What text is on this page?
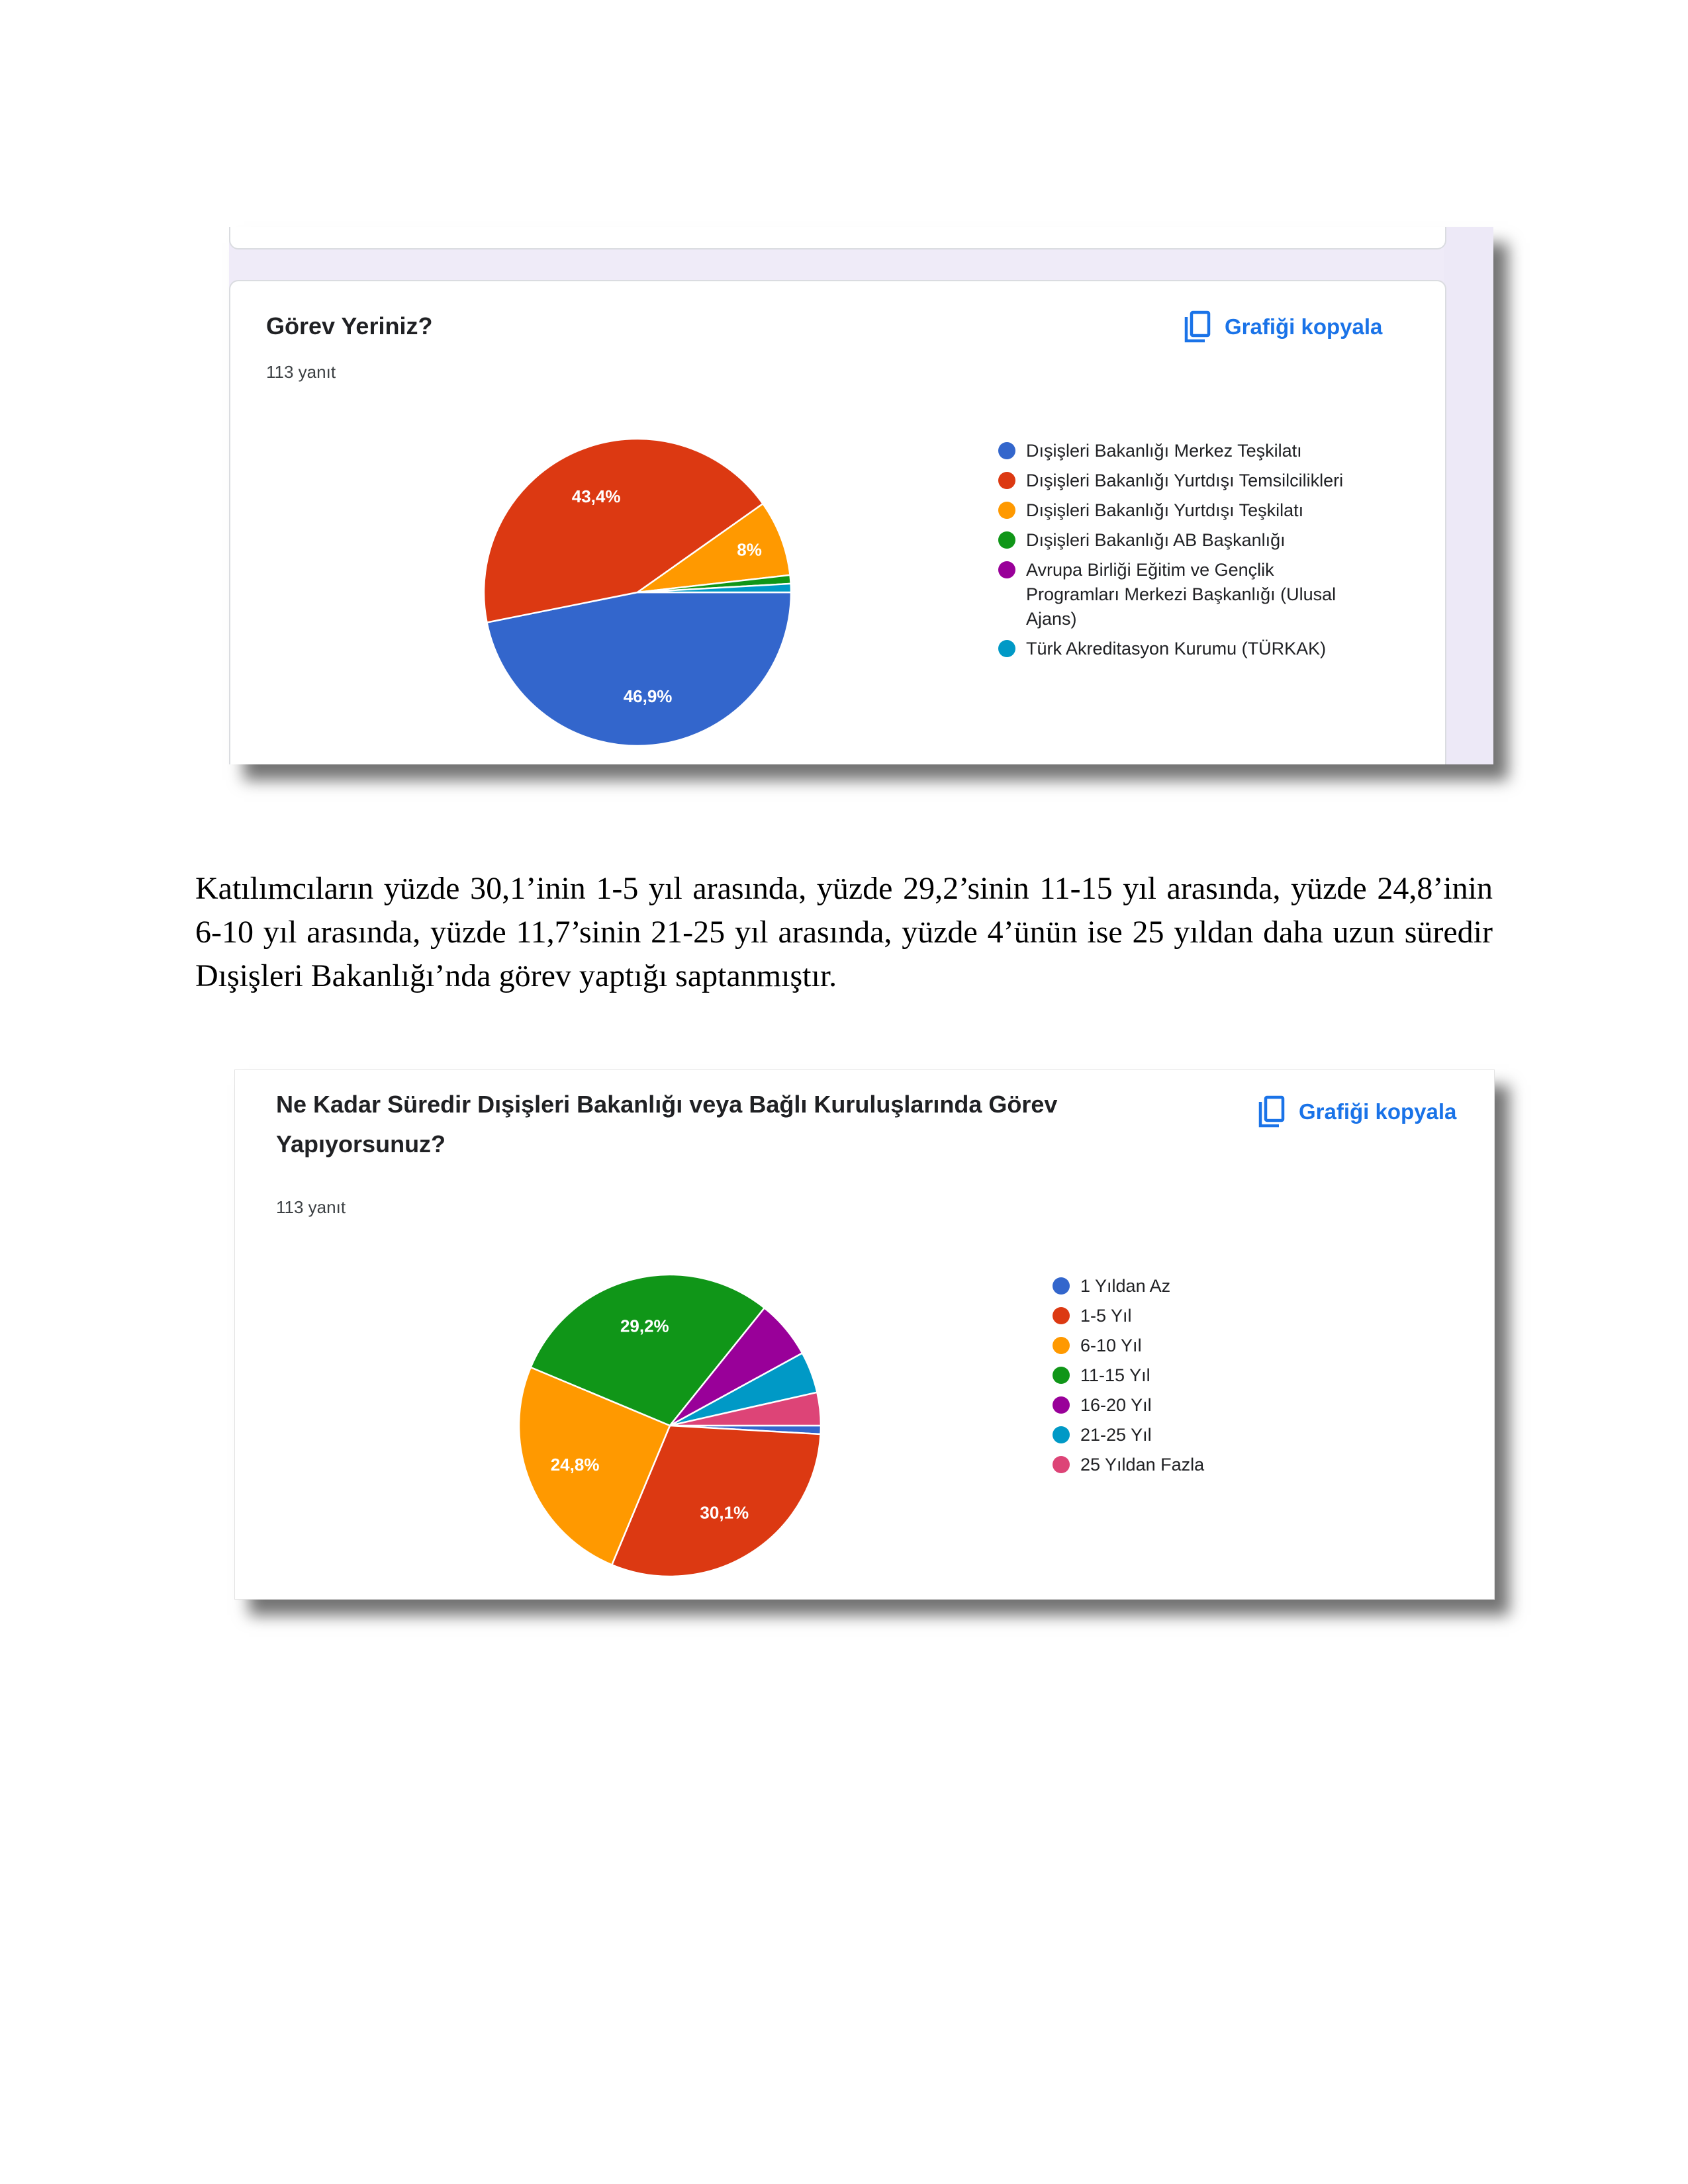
Görev Yeriniz?
113 yanıt
Grafiği kopyala
46,9%
43,4%
8%
Dışişleri Bakanlığı Merkez Teşkilatı
Dışişleri Bakanlığı Yurtdışı Temsilcilikleri
Dışişleri Bakanlığı Yurtdışı Teşkilatı
Dışişleri Bakanlığı AB Başkanlığı
Avrupa Birliği Eğitim ve Gençlik Programları Merkezi Başkanlığı (Ulusal Ajans)
Türk Akreditasyon Kurumu (TÜRKAK)

Katılımcıların yüzde 30,1’inin 1-5 yıl arasında, yüzde 29,2’sinin 11-15 yıl arasında, yüzde 24,8’inin 6-10 yıl arasında, yüzde 11,7’sinin 21-25 yıl arasında, yüzde 4’ünün ise 25 yıldan daha uzun süredir Dışişleri Bakanlığı’nda görev yaptığı saptanmıştır.

Ne Kadar Süredir Dışişleri Bakanlığı veya Bağlı Kuruluşlarında Görev
Yapıyorsunuz?
113 yanıt
Grafiği kopyala
30,1%
24,8%
29,2%
1 Yıldan Az
1-5 Yıl
6-10 Yıl
11-15 Yıl
16-20 Yıl
21-25 Yıl
25 Yıldan Fazla
